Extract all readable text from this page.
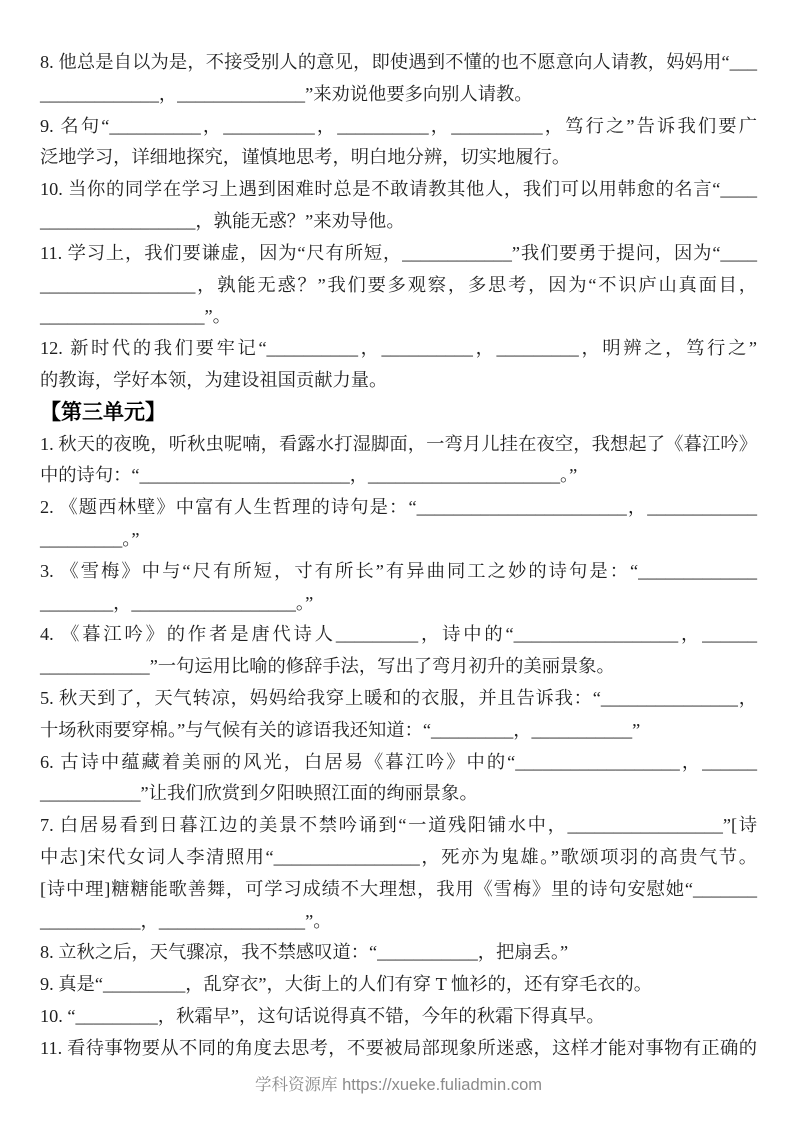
8. 他总是自以为是，不接受别人的意见，即使遇到不懂的也不愿意向人请教，妈妈用“___
_____________，______________”来劝说他要多向别人请教。
9. 名句“__________，__________，__________，__________，笃行之”告诉我们要广
泛地学习，详细地探究，谨慎地思考，明白地分辨，切实地履行。
10. 当你的同学在学习上遇到困难时总是不敢请教其他人，我们可以用韩愈的名言“____
_________________，孰能无惑？”来劝导他。
11. 学习上，我们要谦虚，因为“尺有所短，____________”我们要勇于提问，因为“____
_________________，孰能无惑？”我们要多观察，多思考，因为“不识庐山真面目，
__________________”。
12. 新时代的我们要牢记“__________，__________，_________，明辨之，笃行之”
的教诲，学好本领，为建设祖国贡献力量。
【第三单元】
1. 秋天的夜晚，听秋虫呢喃，看露水打湿脚面，一弯月儿挂在夜空，我想起了《暮江吟》
中的诗句：“_______________________，_____________________。”
2. 《题西林壁》中富有人生哲理的诗句是：“_______________________，____________
_________。”
3. 《雪梅》中与“尺有所短，寸有所长”有异曲同工之妙的诗句是：“_____________
________，__________________。”
4. 《暮江吟》的作者是唐代诗人_________，诗中的“__________________，______
____________”一句运用比喻的修辞手法，写出了弯月初升的美丽景象。
5. 秋天到了，天气转凉，妈妈给我穿上暖和的衣服，并且告诉我：“_______________，
十场秋雨要穿棉。”与气候有关的谚语我还知道：“_________，___________”
6. 古诗中蕴藏着美丽的风光，白居易《暮江吟》中的“__________________，______
___________”让我们欣赏到夕阳映照江面的绚丽景象。
7. 白居易看到日暮江边的美景不禁吟诵到“一道残阳铺水中，_________________”[诗
中志]宋代女词人李清照用“________________，死亦为鬼雄。”歌颂项羽的高贵气节。
[诗中理]糖糖能歌善舞，可学习成绩不大理想，我用《雪梅》里的诗句安慰她“_______
___________，________________”。
8. 立秋之后，天气骤凉，我不禁感叹道：“___________，把扇丢。”
9. 真是“_________，乱穿衣”，大街上的人们有穿 T 恤衫的，还有穿毛衣的。
10. “_________，秋霜早”，这句话说得真不错，今年的秋霜下得真早。
11. 看待事物要从不同的角度去思考，不要被局部现象所迷惑，这样才能对事物有正确的
学科资源库 https://xueke.fuliadmin.com
